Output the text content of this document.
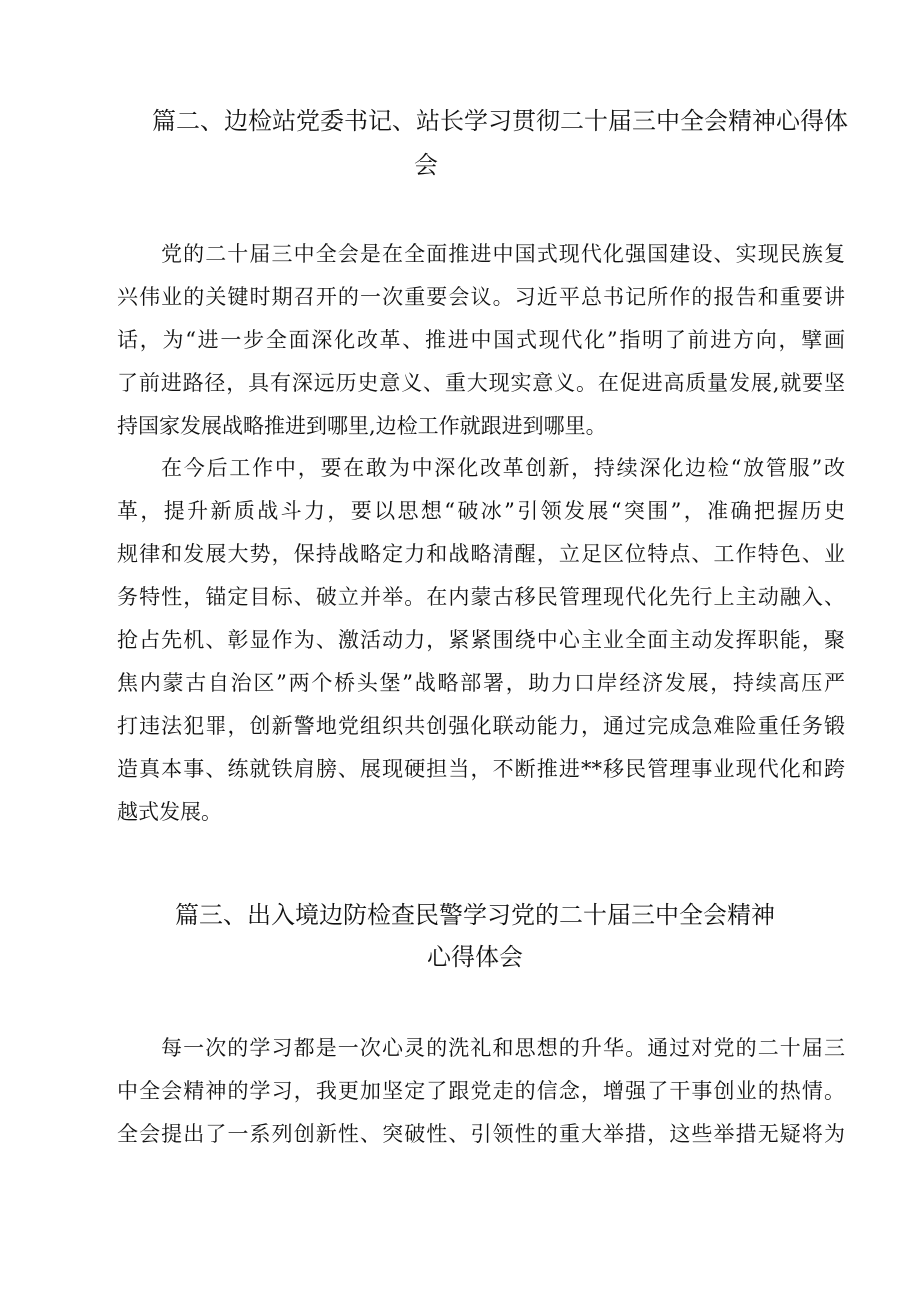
篇二、边检站党委书记、站长学习贯彻二十届三中全会精神心得体
会
党的二十届三中全会是在全面推进中国式现代化强国建设、实现民族复
兴伟业的关键时期召开的一次重要会议。习近平总书记所作的报告和重要讲
话，为“进一步全面深化改革、推进中国式现代化”指明了前进方向，擘画
了前进路径，具有深远历史意义、重大现实意义。在促进高质量发展,就要坚
持国家发展战略推进到哪里,边检工作就跟进到哪里。
在今后工作中，要在敢为中深化改革创新，持续深化边检“放管服”改
革，提升新质战斗力，要以思想“破冰”引领发展“突围”，准确把握历史
规律和发展大势，保持战略定力和战略清醒，立足区位特点、工作特色、业
务特性，锚定目标、破立并举。在内蒙古移民管理现代化先行上主动融入、
抢占先机、彰显作为、激活动力，紧紧围绕中心主业全面主动发挥职能，聚
焦内蒙古自治区”两个桥头堡”战略部署，助力口岸经济发展，持续高压严
打违法犯罪，创新警地党组织共创强化联动能力，通过完成急难险重任务锻
造真本事、练就铁肩膀、展现硬担当，不断推进**移民管理事业现代化和跨
越式发展。
篇三、出入境边防检查民警学习党的二十届三中全会精神
心得体会
每一次的学习都是一次心灵的洗礼和思想的升华。通过对党的二十届三
中全会精神的学习，我更加坚定了跟党走的信念，增强了干事创业的热情。
全会提出了一系列创新性、突破性、引领性的重大举措，这些举措无疑将为
